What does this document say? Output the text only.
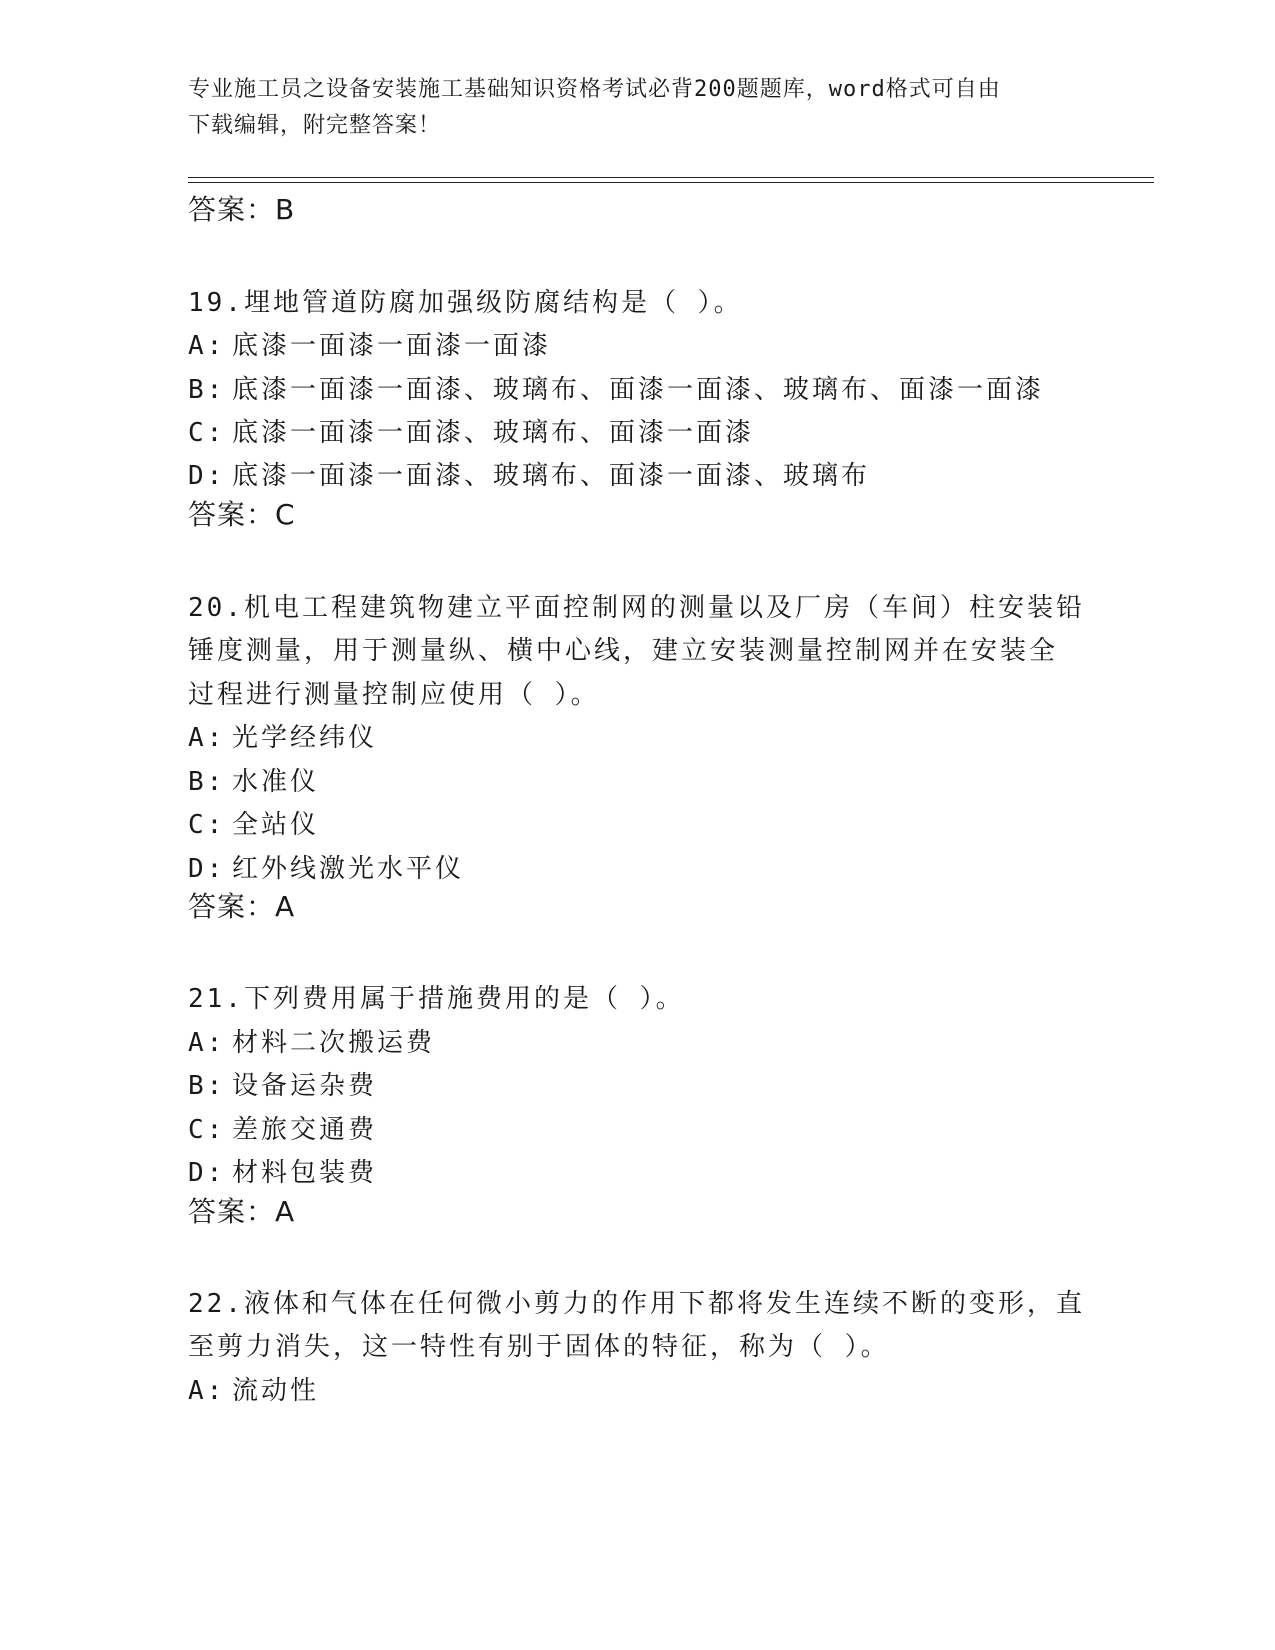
专业施工员之设备安装施工基础知识资格考试必背200题题库，word格式可自由
下载编辑，附完整答案！
答案：B
19.埋地管道防腐加强级防腐结构是（ ）。
A: 底漆一面漆一面漆一面漆
B: 底漆一面漆一面漆、玻璃布、面漆一面漆、玻璃布、面漆一面漆
C: 底漆一面漆一面漆、玻璃布、面漆一面漆
D: 底漆一面漆一面漆、玻璃布、面漆一面漆、玻璃布
答案：C
20.机电工程建筑物建立平面控制网的测量以及厂房（车间）柱安装铅
锤度测量，用于测量纵、横中心线，建立安装测量控制网并在安装全
过程进行测量控制应使用（ ）。
A: 光学经纬仪
B: 水准仪
C: 全站仪
D: 红外线激光水平仪
答案：A
21.下列费用属于措施费用的是（ ）。
A: 材料二次搬运费
B: 设备运杂费
C: 差旅交通费
D: 材料包装费
答案：A
22.液体和气体在任何微小剪力的作用下都将发生连续不断的变形，直
至剪力消失，这一特性有别于固体的特征，称为（ ）。
A: 流动性
